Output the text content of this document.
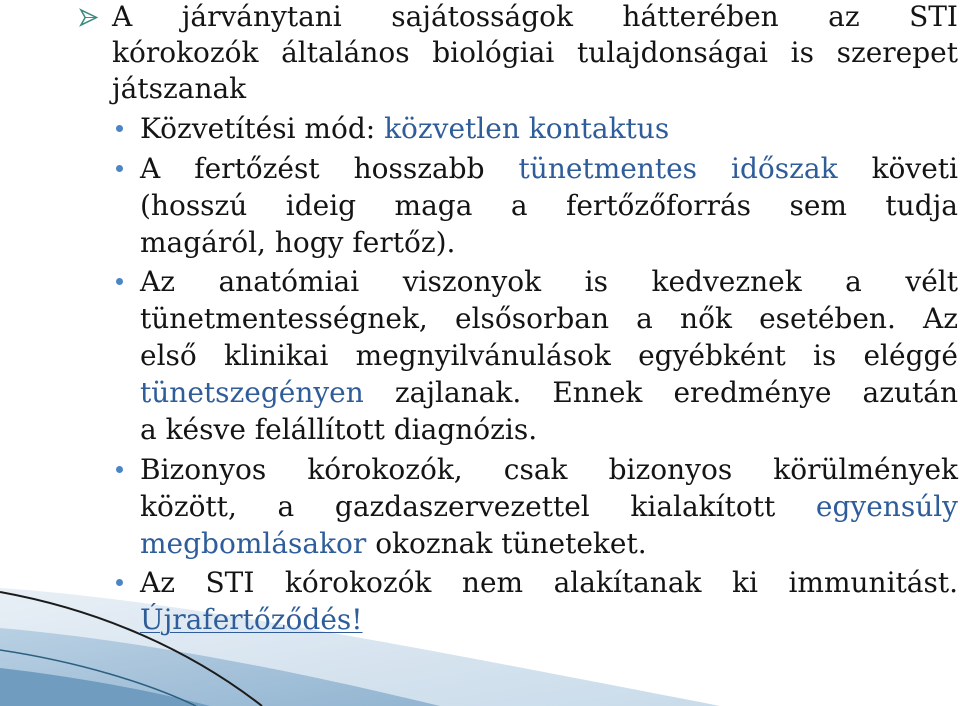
A járványtani sajátosságok hátterében az STI
kórokozók általános biológiai tulajdonságai is szerepet
játszanak
Közvetítési mód: közvetlen kontaktus
A fertőzést hosszabb tünetmentes időszak követi
(hosszú ideig maga a fertőzőforrás sem tudja
magáról, hogy fertőz).
Az anatómiai viszonyok is kedveznek a vélt
tünetmentességnek, elsősorban a nők esetében. Az
első klinikai megnyilvánulások egyébként is eléggé
tünetszegényen zajlanak. Ennek eredménye azután
a késve felállított diagnózis.
Bizonyos kórokozók, csak bizonyos körülmények
között, a gazdaszervezettel kialakított egyensúly
megbomlásakor okoznak tüneteket.
Az STI kórokozók nem alakítanak ki immunitást.
Újrafertőződés!
